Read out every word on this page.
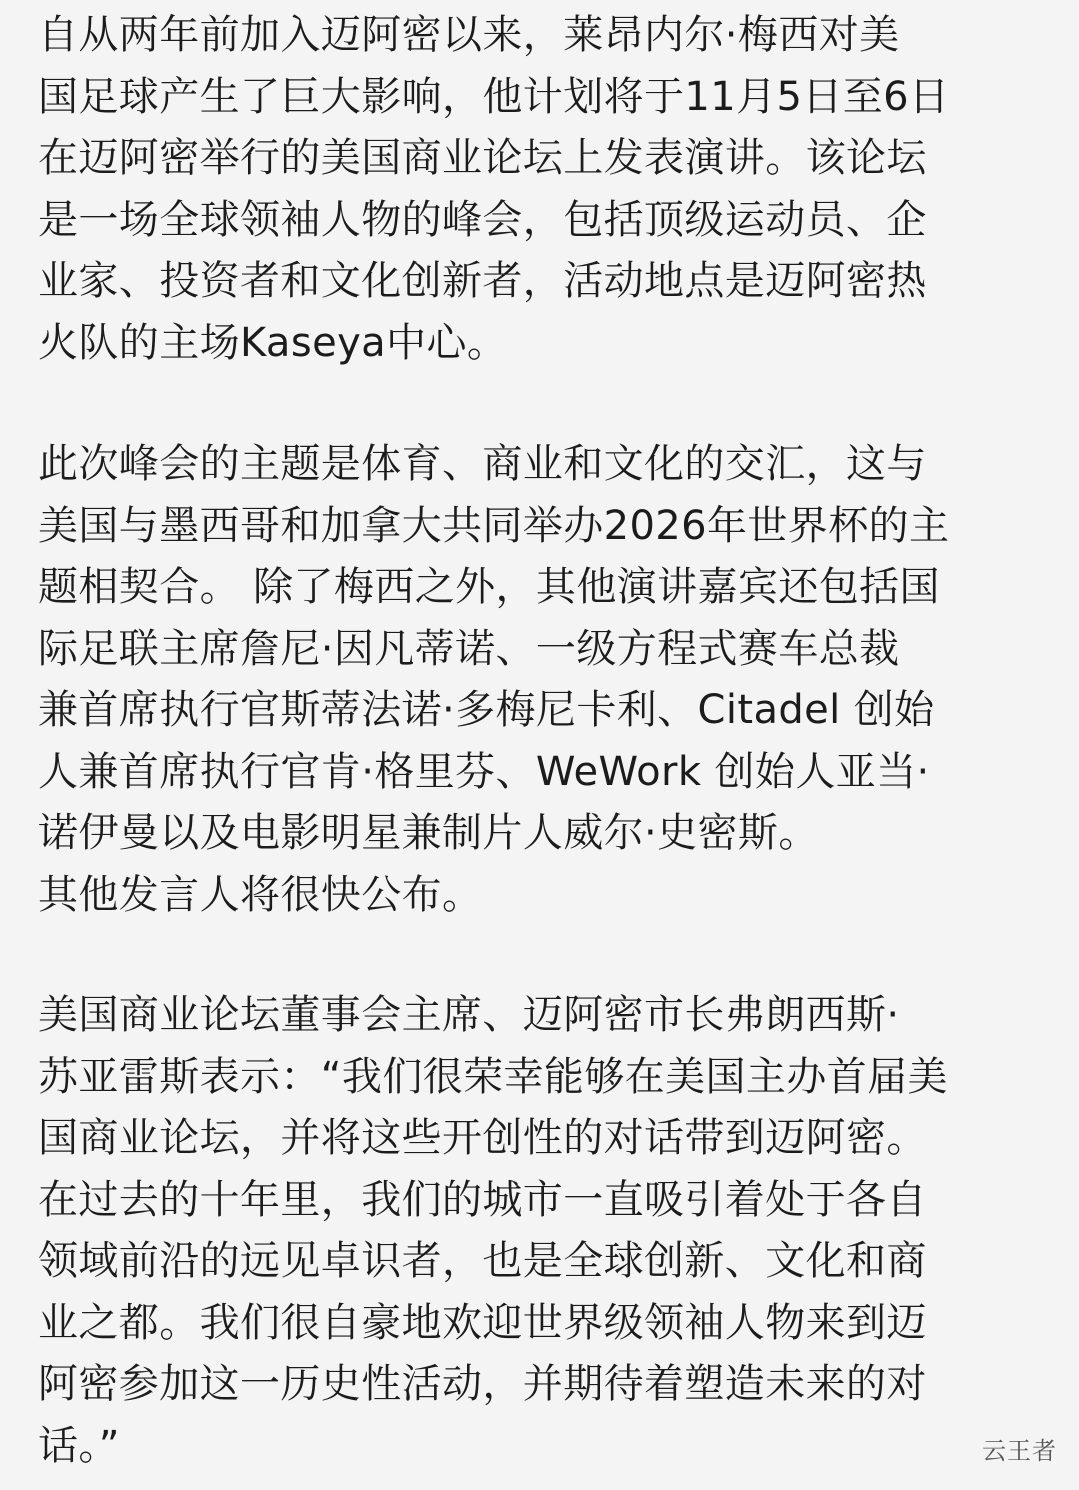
自从两年前加入迈阿密以来，莱昂内尔·梅西对美
国足球产生了巨大影响，他计划将于11月5日至6日
在迈阿密举行的美国商业论坛上发表演讲。该论坛
是一场全球领袖人物的峰会，包括顶级运动员、企
业家、投资者和文化创新者，活动地点是迈阿密热
火队的主场Kaseya中心。
此次峰会的主题是体育、商业和文化的交汇，这与
美国与墨西哥和加拿大共同举办2026年世界杯的主
题相契合。 除了梅西之外，其他演讲嘉宾还包括国
际足联主席詹尼·因凡蒂诺、一级方程式赛车总裁
兼首席执行官斯蒂法诺·多梅尼卡利、Citadel 创始
人兼首席执行官肯·格里芬、WeWork 创始人亚当·
诺伊曼以及电影明星兼制片人威尔·史密斯。
其他发言人将很快公布。
美国商业论坛董事会主席、迈阿密市长弗朗西斯·
苏亚雷斯表示：“我们很荣幸能够在美国主办首届美
国商业论坛，并将这些开创性的对话带到迈阿密。
在过去的十年里，我们的城市一直吸引着处于各自
领域前沿的远见卓识者，也是全球创新、文化和商
业之都。我们很自豪地欢迎世界级领袖人物来到迈
阿密参加这一历史性活动，并期待着塑造未来的对
话。”	云王者
